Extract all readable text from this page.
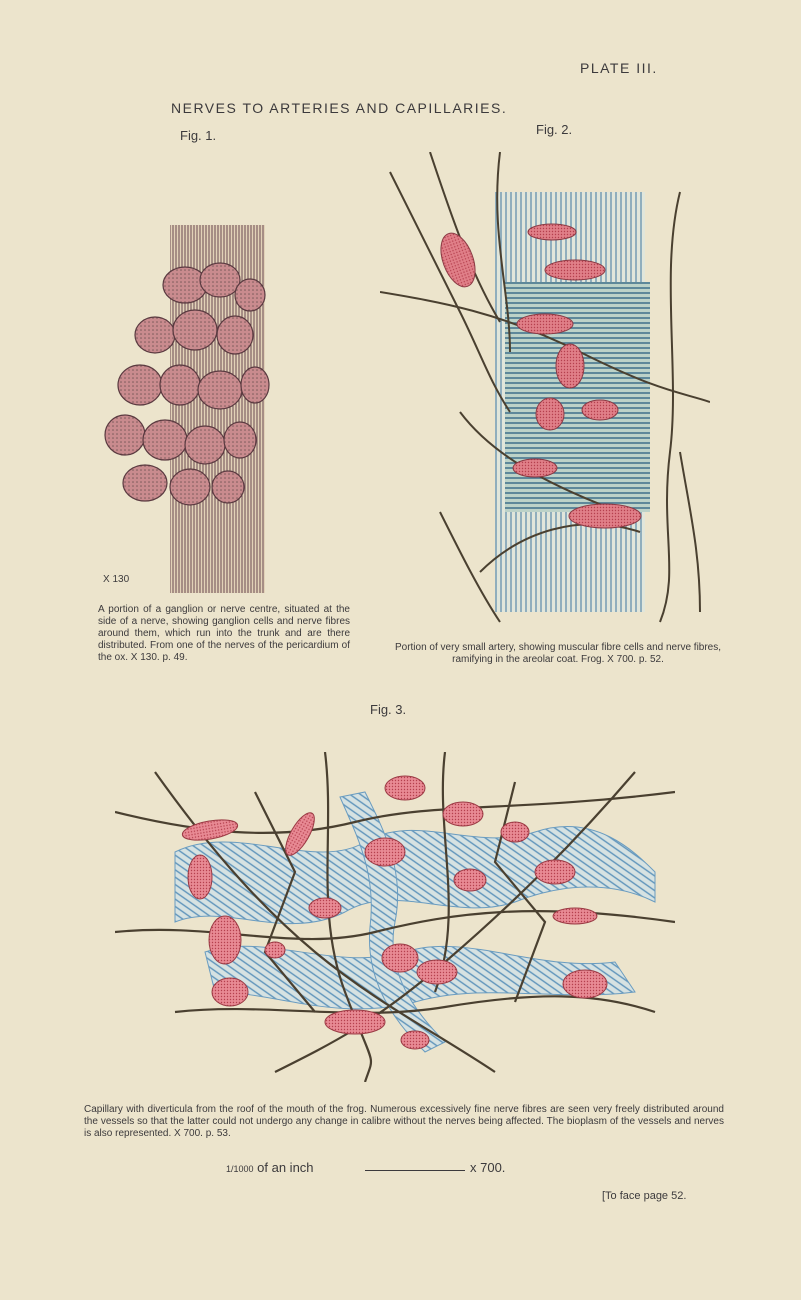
PLATE III.
NERVES TO ARTERIES AND CAPILLARIES.
Fig. 1.	Fig. 2.
X 130
A portion of a ganglion or nerve centre, situated at the side of a nerve, showing ganglion cells and nerve fibres around them, which run into the trunk and are there distributed. From one of the nerves of the pericardium of the ox. X 130. p. 49.
Portion of very small artery, showing muscular fibre cells and nerve fibres, ramifying in the areolar coat. Frog. X 700. p. 52.
Fig. 3.
Capillary with diverticula from the roof of the mouth of the frog. Numerous excessively fine nerve fibres are seen very freely distributed around the vessels so that the latter could not undergo any change in calibre without the nerves being affected. The bioplasm of the vessels and nerves is also represented. X 700. p. 53.
1/1000 of an inch	x 700.
[To face page 52.
